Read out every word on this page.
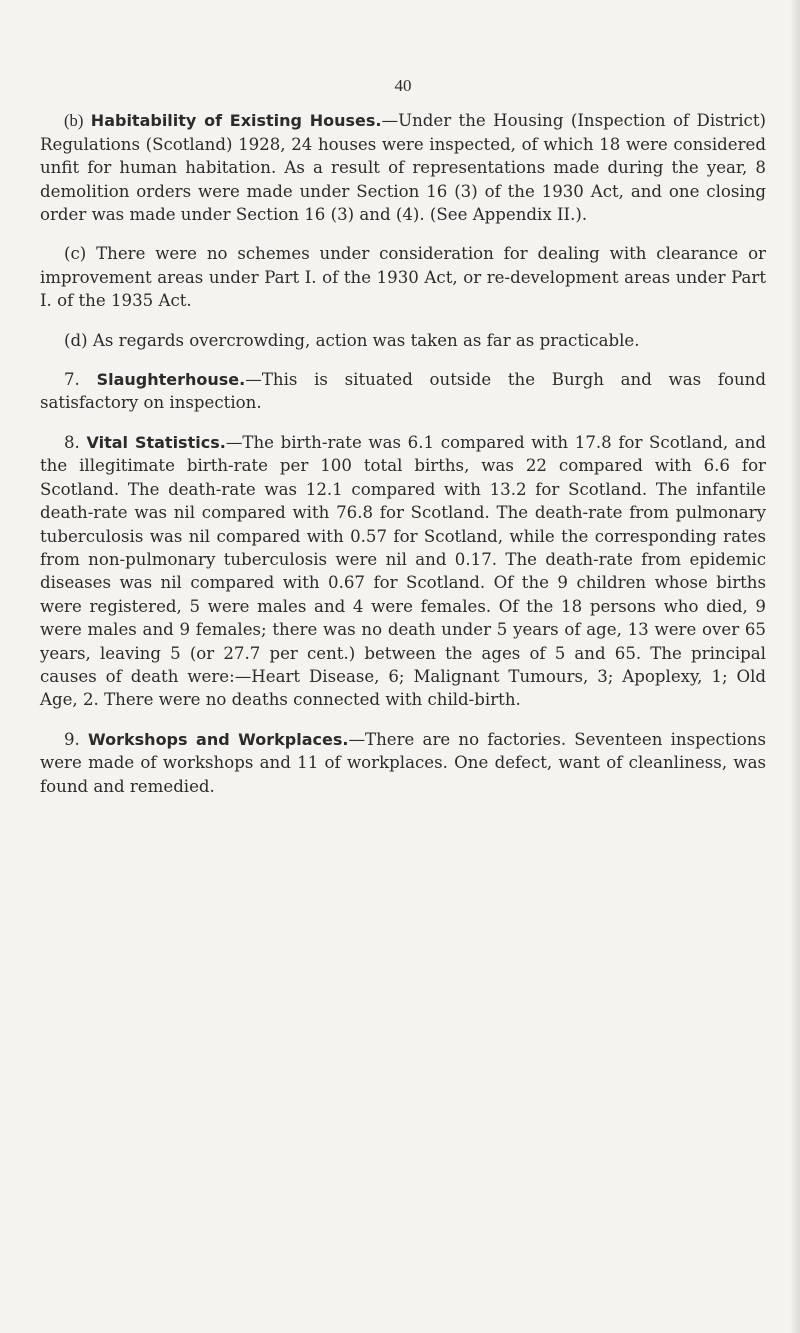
40

(b) Habitability of Existing Houses.—Under the Housing (Inspection of District) Regulations (Scotland) 1928, 24 houses were inspected, of which 18 were considered unfit for human habitation. As a result of representations made during the year, 8 demolition orders were made under Section 16 (3) of the 1930 Act, and one closing order was made under Section 16 (3) and (4). (See Appendix II.).

(c) There were no schemes under consideration for dealing with clearance or improvement areas under Part I. of the 1930 Act, or re-development areas under Part I. of the 1935 Act.

(d) As regards overcrowding, action was taken as far as practicable.

7. Slaughterhouse.—This is situated outside the Burgh and was found satisfactory on inspection.

8. Vital Statistics.—The birth-rate was 6.1 compared with 17.8 for Scotland, and the illegitimate birth-rate per 100 total births, was 22 compared with 6.6 for Scotland. The death-rate was 12.1 compared with 13.2 for Scotland. The infantile death-rate was nil compared with 76.8 for Scotland. The death-rate from pulmonary tuberculosis was nil compared with 0.57 for Scotland, while the corresponding rates from non-pulmonary tuberculosis were nil and 0.17. The death-rate from epidemic diseases was nil compared with 0.67 for Scotland. Of the 9 children whose births were registered, 5 were males and 4 were females. Of the 18 persons who died, 9 were males and 9 females; there was no death under 5 years of age, 13 were over 65 years, leaving 5 (or 27.7 per cent.) between the ages of 5 and 65. The principal causes of death were:—Heart Disease, 6; Malignant Tumours, 3; Apoplexy, 1; Old Age, 2. There were no deaths connected with child-birth.

9. Workshops and Workplaces.—There are no factories. Seventeen inspections were made of workshops and 11 of workplaces. One defect, want of cleanliness, was found and remedied.
